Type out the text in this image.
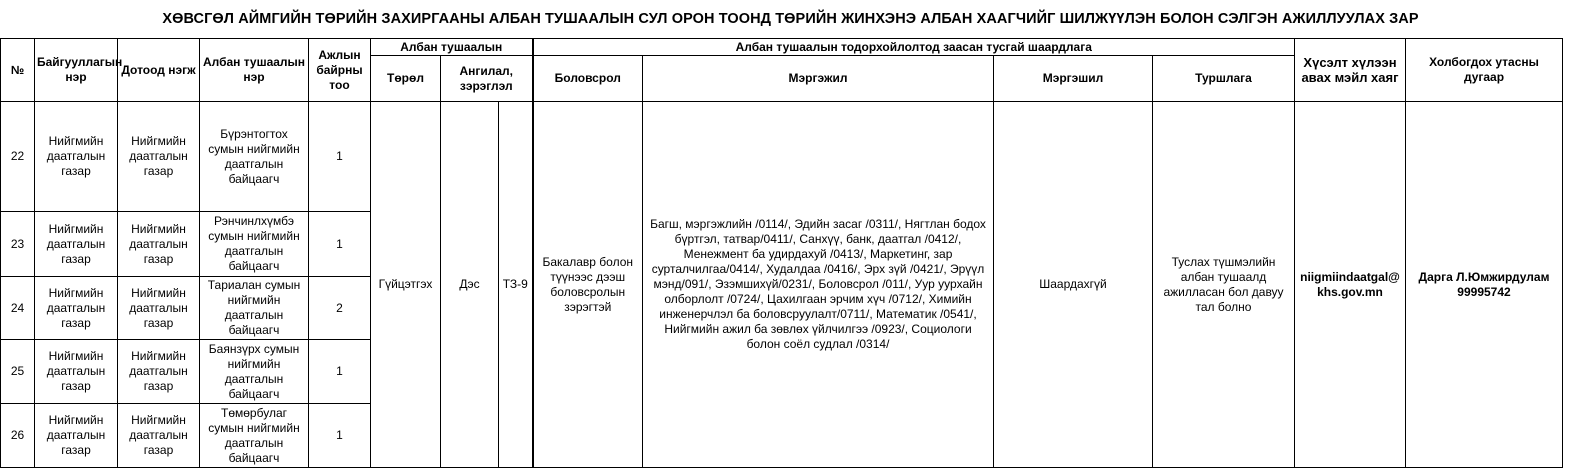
ХӨВСГӨЛ АЙМГИЙН ТӨРИЙН ЗАХИРГААНЫ АЛБАН ТУШААЛЫН СУЛ ОРОН ТООНД ТӨРИЙН ЖИНХЭНЭ АЛБАН ХААГЧИЙГ ШИЛЖҮҮЛЭН БОЛОН СЭЛГЭН АЖИЛЛУУЛАХ ЗАР
№	Байгууллагын нэр	Дотоод нэгж	Албан тушаалын нэр	Ажлын байрны тоо	Албан тушаалын			Албан тушаалын тодорхойлолтод заасан тусгай шаардлага				Хүсэлт хүлээн авах мэйл хаяг	Холбогдох утасны дугаар
					Төрөл	Ангилал, зэрэглэл		Боловсрол	Мэргэжил	Мэргэшил	Туршлага		
22	Нийгмийн даатгалын газар	Нийгмийн даатгалын газар	Бүрэнтогтох сумын нийгмийн даатгалын байцаагч	1	Гүйцэтгэх	Дэс	ТЗ-9	Бакалавр болон түүнээс дээш боловсролын зэрэгтэй	Багш, мэргэжлийн /0114/, Эдийн засаг /0311/, Нягтлан бодох бүртгэл, татвар/0411/, Санхүү, банк, даатгал /0412/, Менежмент ба удирдахуй /0413/, Маркетинг, зар сурталчилгаа/0414/, Худалдаа /0416/, Эрх зүй /0421/, Эрүүл мэнд/091/, Эзэмшихүй/0231/, Боловсрол /011/, Уур уурхайн олборлолт /0724/, Цахилгаан эрчим хүч /0712/, Химийн инженерчлэл ба боловсруулалт/0711/, Математик /0541/, Нийгмийн ажил ба зөвлөх үйлчилгээ /0923/, Социологи болон соёл судлал /0314/	Шаардахгүй	Туслах түшмэлийн албан тушаалд ажилласан бол давуу тал болно	niigmiindaatgal@khs.gov.mn	Дарга Л.Юмжирдулам 99995742
23	Нийгмийн даатгалын газар	Нийгмийн даатгалын газар	Рэнчинлхүмбэ сумын нийгмийн даатгалын байцаагч	1									
24	Нийгмийн даатгалын газар	Нийгмийн даатгалын газар	Тариалан сумын нийгмийн даатгалын байцаагч	2									
25	Нийгмийн даатгалын газар	Нийгмийн даатгалын газар	Баянзүрх сумын нийгмийн даатгалын байцаагч	1									
26	Нийгмийн даатгалын газар	Нийгмийн даатгалын газар	Төмөрбулаг сумын нийгмийн даатгалын байцаагч	1									
